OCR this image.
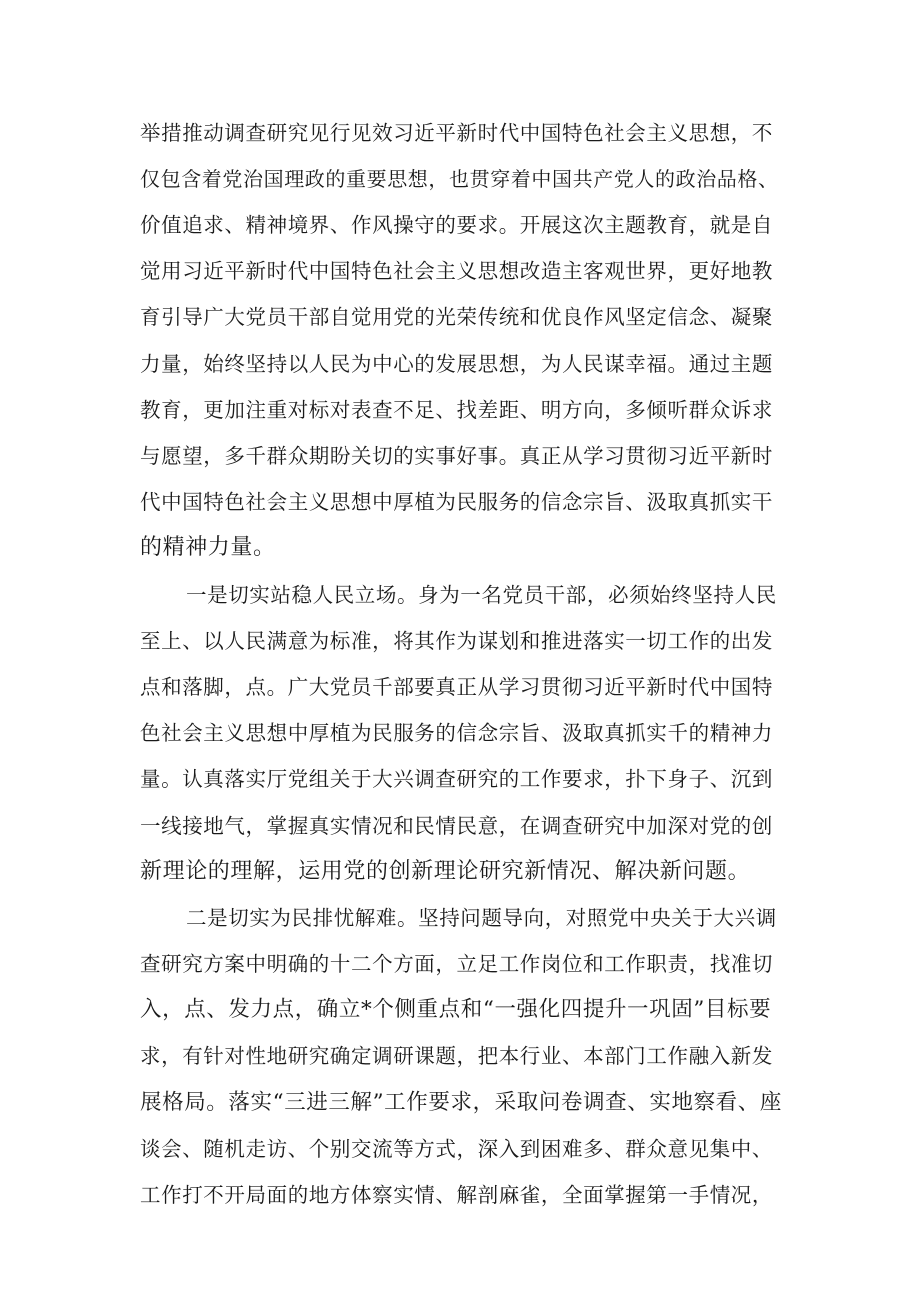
举措推动调查研究见行见效习近平新时代中国特色社会主义思想，不
仅包含着党治国理政的重要思想，也贯穿着中国共产党人的政治品格、
价值追求、精神境界、作风操守的要求。开展这次主题教育，就是自
觉用习近平新时代中国特色社会主义思想改造主客观世界，更好地教
育引导广大党员干部自觉用党的光荣传统和优良作风坚定信念、凝聚
力量，始终坚持以人民为中心的发展思想，为人民谋幸福。通过主题
教育，更加注重对标对表查不足、找差距、明方向，多倾听群众诉求
与愿望，多千群众期盼关切的实事好事。真正从学习贯彻习近平新时
代中国特色社会主义思想中厚植为民服务的信念宗旨、汲取真抓实干
的精神力量。
一是切实站稳人民立场。身为一名党员干部，必须始终坚持人民
至上、以人民满意为标准，将其作为谋划和推进落实一切工作的出发
点和落脚，点。广大党员千部要真正从学习贯彻习近平新时代中国特
色社会主义思想中厚植为民服务的信念宗旨、汲取真抓实千的精神力
量。认真落实厅党组关于大兴调查研究的工作要求，扑下身子、沉到
一线接地气，掌握真实情况和民情民意，在调查研究中加深对党的创
新理论的理解，运用党的创新理论研究新情况、解决新问题。
二是切实为民排忧解难。坚持问题导向，对照党中央关于大兴调
查研究方案中明确的十二个方面，立足工作岗位和工作职责，找准切
入，点、发力点，确立*个侧重点和“一强化四提升一巩固”目标要
求，有针对性地研究确定调研课题，把本行业、本部门工作融入新发
展格局。落实“三进三解”工作要求，采取问卷调查、实地察看、座
谈会、随机走访、个别交流等方式，深入到困难多、群众意见集中、
工作打不开局面的地方体察实情、解剖麻雀，全面掌握第一手情况，
